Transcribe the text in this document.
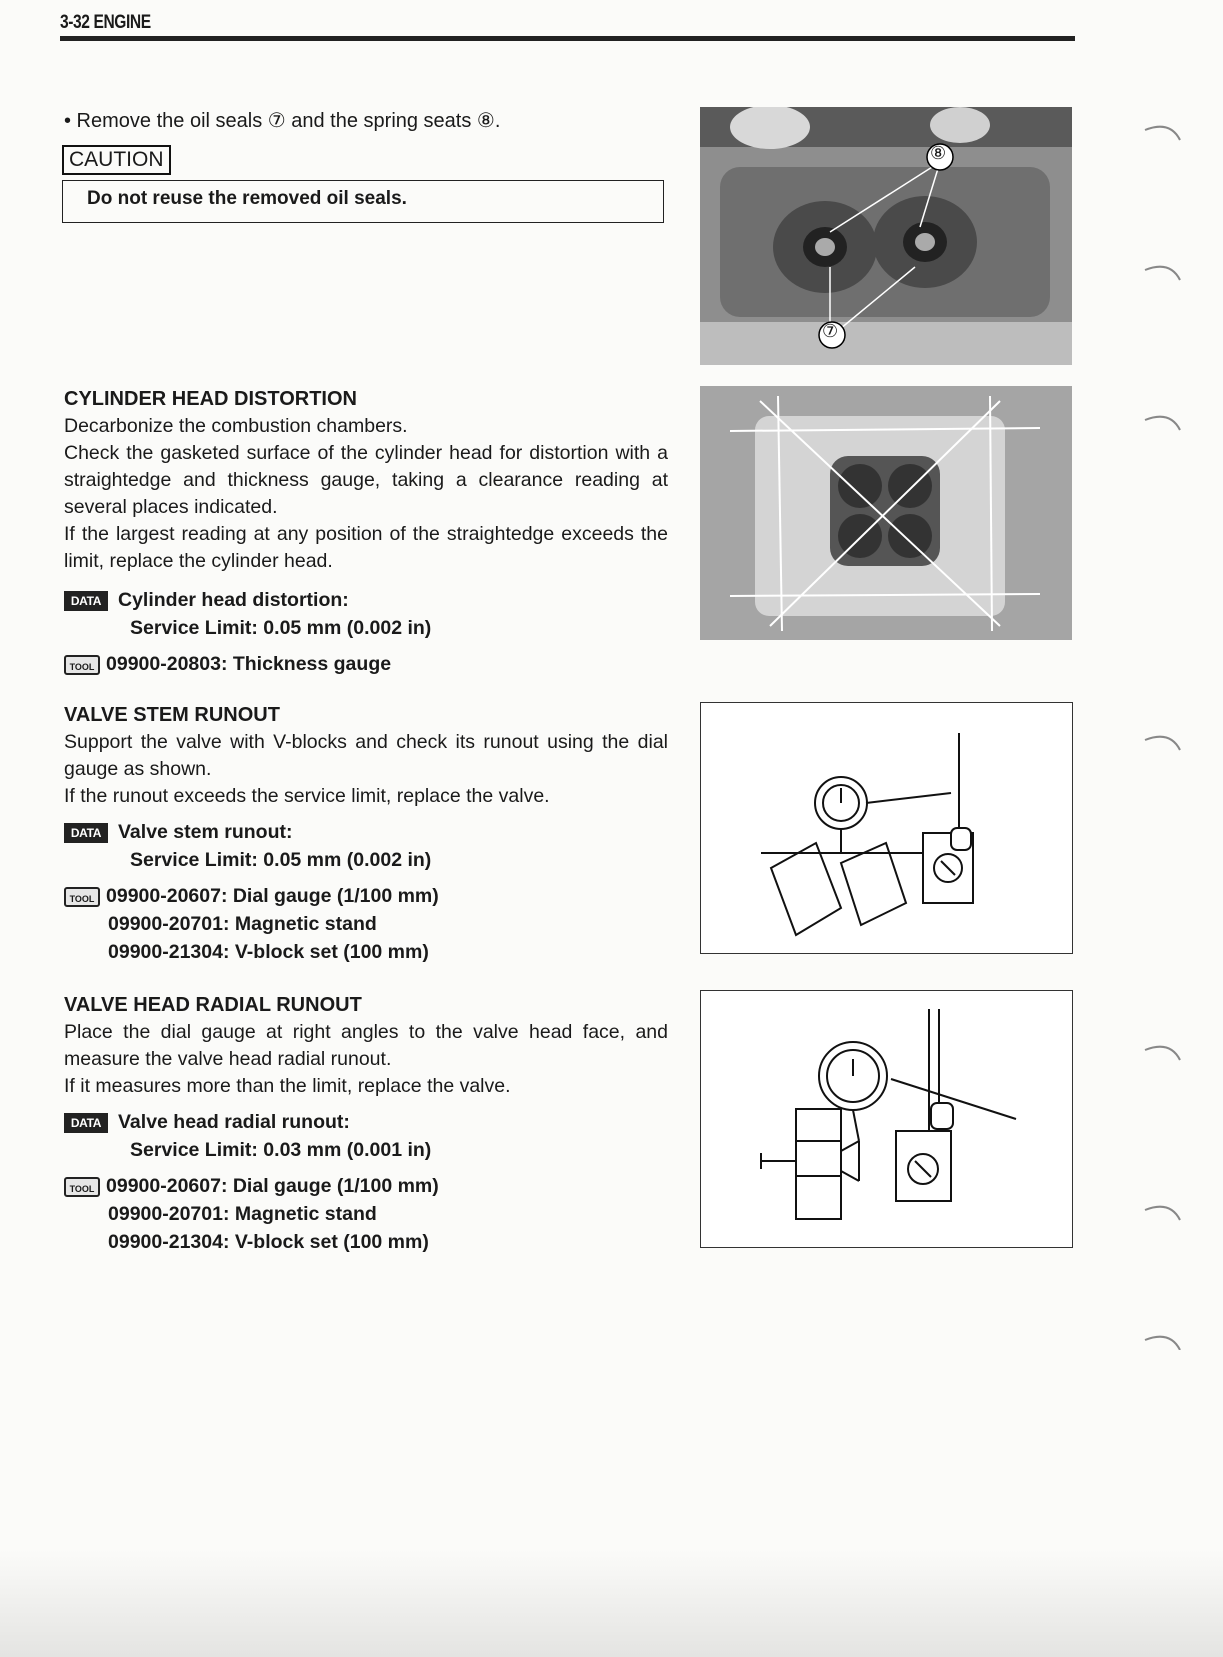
3-32 ENGINE
• Remove the oil seals ⑦ and the spring seats ⑧.
CAUTION
Do not reuse the removed oil seals.
CYLINDER HEAD DISTORTION
Decarbonize the combustion chambers.
Check the gasketed surface of the cylinder head for distortion with a straightedge and thickness gauge, taking a clearance reading at several places indicated.
If the largest reading at any position of the straightedge exceeds the limit, replace the cylinder head.
DATA Cylinder head distortion:
Service Limit: 0.05 mm (0.002 in)
TOOL 09900-20803: Thickness gauge
VALVE STEM RUNOUT
Support the valve with V-blocks and check its runout using the dial gauge as shown.
If the runout exceeds the service limit, replace the valve.
DATA Valve stem runout:
Service Limit: 0.05 mm (0.002 in)
TOOL 09900-20607: Dial gauge (1/100 mm)
09900-20701: Magnetic stand
09900-21304: V-block set (100 mm)
VALVE HEAD RADIAL RUNOUT
Place the dial gauge at right angles to the valve head face, and measure the valve head radial runout.
If it measures more than the limit, replace the valve.
DATA Valve head radial runout:
Service Limit: 0.03 mm (0.001 in)
TOOL 09900-20607: Dial gauge (1/100 mm)
09900-20701: Magnetic stand
09900-21304: V-block set (100 mm)
⑧
⑦
